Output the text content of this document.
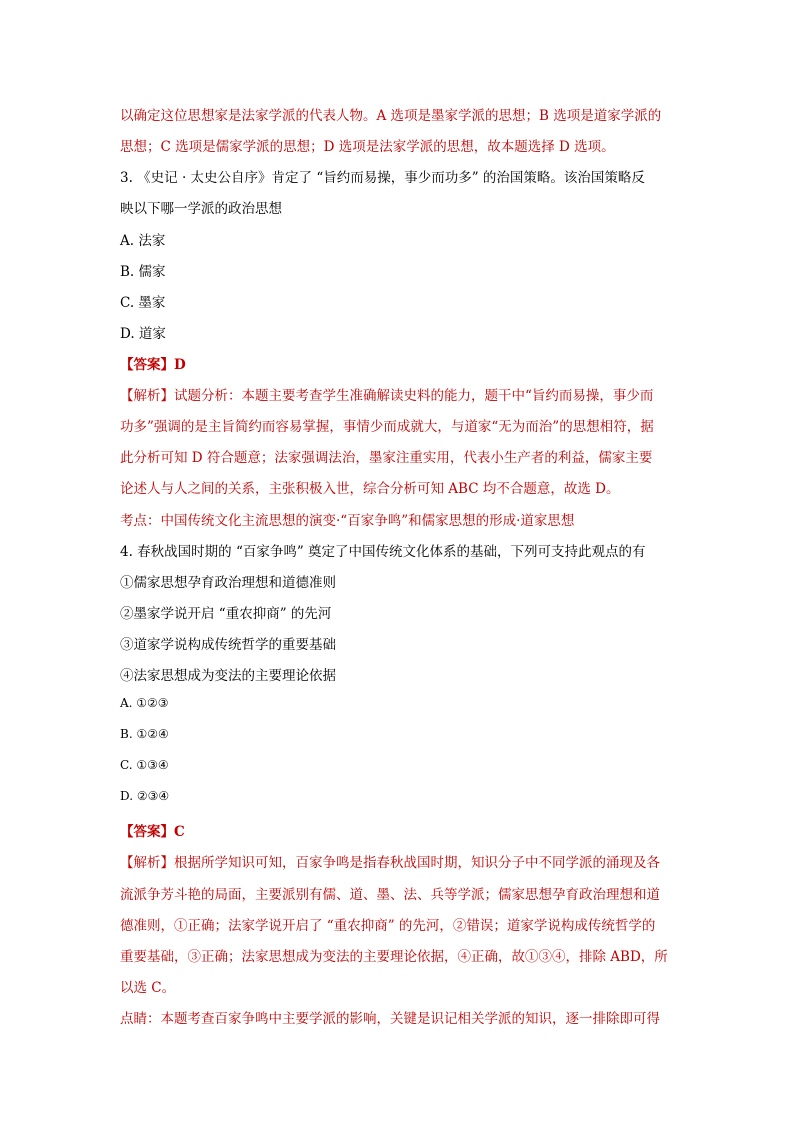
以确定这位思想家是法家学派的代表人物。A 选项是墨家学派的思想；B 选项是道家学派的
思想；C 选项是儒家学派的思想；D 选项是法家学派的思想，故本题选择 D 选项。
3. 《史记 · 太史公自序》肯定了 “旨约而易操，事少而功多” 的治国策略。该治国策略反
映以下哪一学派的政治思想
A. 法家
B. 儒家
C. 墨家
D. 道家
【答案】D
【解析】试题分析：本题主要考查学生准确解读史料的能力，题干中“旨约而易操，事少而
功多”强调的是主旨简约而容易掌握，事情少而成就大，与道家“无为而治”的思想相符，据
此分析可知 D 符合题意；法家强调法治，墨家注重实用，代表小生产者的利益，儒家主要
论述人与人之间的关系，主张积极入世，综合分析可知 ABC 均不合题意，故选 D。
考点：中国传统文化主流思想的演变·“百家争鸣”和儒家思想的形成·道家思想
4. 春秋战国时期的 “百家争鸣” 奠定了中国传统文化体系的基础，下列可支持此观点的有
①儒家思想孕育政治理想和道德准则
②墨家学说开启 “重农抑商” 的先河
③道家学说构成传统哲学的重要基础
④法家思想成为变法的主要理论依据
A. ①②③
B. ①②④
C. ①③④
D. ②③④
【答案】C
【解析】根据所学知识可知，百家争鸣是指春秋战国时期，知识分子中不同学派的涌现及各
流派争芳斗艳的局面，主要派别有儒、道、墨、法、兵等学派；儒家思想孕育政治理想和道
德准则，①正确；法家学说开启了 “重农抑商” 的先河，②错误；道家学说构成传统哲学的
重要基础，③正确；法家思想成为变法的主要理论依据，④正确，故①③④，排除 ABD，所
以选 C。
点睛：本题考查百家争鸣中主要学派的影响，关键是识记相关学派的知识，逐一排除即可得
